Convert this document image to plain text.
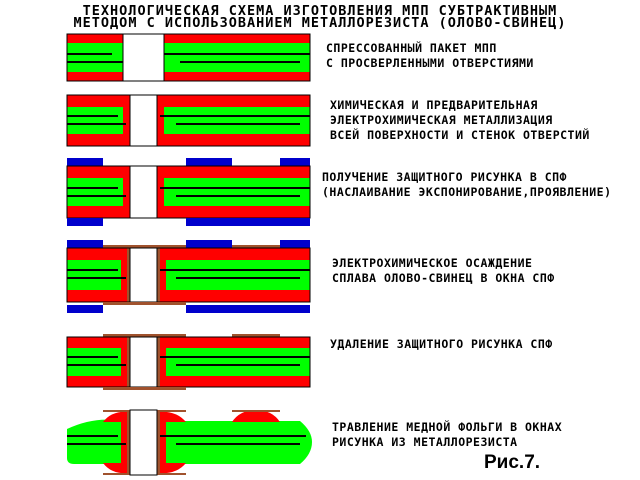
ТЕХНОЛОГИЧЕСКАЯ СХЕМА ИЗГОТОВЛЕНИЯ МПП СУБТРАКТИВНЫМ
МЕТОДОМ С ИСПОЛЬЗОВАНИЕМ МЕТАЛЛОРЕЗИСТА (ОЛОВО-СВИНЕЦ)
СПРЕССОВАННЫЙ ПАКЕТ МПП
С ПРОСВЕРЛЕННЫМИ ОТВЕРСТИЯМИ
ХИМИЧЕСКАЯ И ПРЕДВАРИТЕЛЬНАЯ
ЭЛЕКТРОХИМИЧЕСКАЯ МЕТАЛЛИЗАЦИЯ
ВСЕЙ ПОВЕРХНОСТИ И СТЕНОК ОТВЕРСТИЙ
ПОЛУЧЕНИЕ ЗАЩИТНОГО РИСУНКА В СПФ
(НАСЛАИВАНИЕ ЭКСПОНИРОВАНИЕ,ПРОЯВЛЕНИЕ)
ЭЛЕКТРОХИМИЧЕСКОЕ ОСАЖДЕНИЕ
СПЛАВА ОЛОВО-СВИНЕЦ В ОКНА СПФ
УДАЛЕНИЕ ЗАЩИТНОГО РИСУНКА СПФ
ТРАВЛЕНИЕ МЕДНОЙ ФОЛЬГИ В ОКНАХ
РИСУНКА ИЗ МЕТАЛЛОРЕЗИСТА
Рис.7.
